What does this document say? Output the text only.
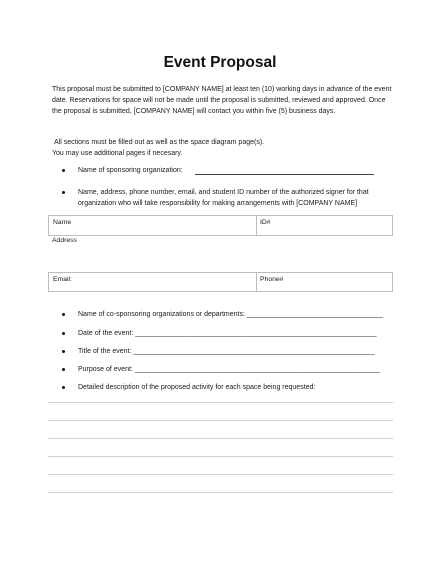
Event Proposal
This proposal must be submitted to [COMPANY NAME] at least ten (10) working days in advance of the event date. Reservations for space will not be made until the proposal is submitted, reviewed and approved. Once the proposal is submitted, [COMPANY NAME] will contact you within five (5) business days.
All sections must be filled out as well as the space diagram page(s).
You may use additional pages if necesary.
Name of sponsoring organization:
Name, address, phone number, email, and student ID number of the authorized signer for that organization who will take responsibility for making arrangements with [COMPANY NAME]
Name	ID#
Address
Email:	Phone#
Name of co-sponsoring organizations or departments: ___________________________________
Date of the event: ______________________________________________________________
Title of the event: ______________________________________________________________
Purpose of event: _______________________________________________________________
Detailed description of the proposed activity for each space being requested:
